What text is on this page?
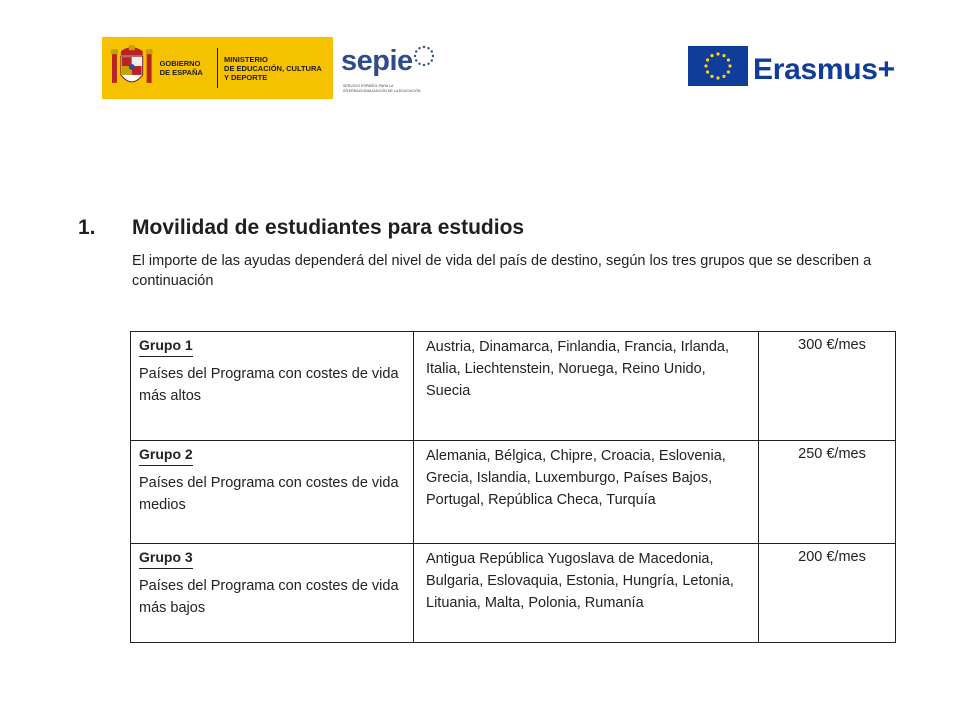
GOBIERNO
DE ESPAÑA
MINISTERIO
DE EDUCACIÓN, CULTURA
Y DEPORTE	sepie
SERVICIO ESPAÑOL PARA LA
INTERNACIONALIZACIÓN DE LA EDUCACIÓN
Erasmus+
1.	Movilidad de estudiantes para estudios
El importe de las ayudas dependerá del nivel de vida del país de destino, según los tres grupos que se describen a continuación
Grupo 1
Países del Programa con costes de vida más altos	Austria, Dinamarca, Finlandia, Francia, Irlanda, Italia, Liechtenstein, Noruega, Reino Unido, Suecia	300 €/mes
Grupo 2
Países del Programa con costes de vida medios	Alemania, Bélgica, Chipre, Croacia, Eslovenia, Grecia, Islandia, Luxemburgo, Países Bajos, Portugal, República Checa, Turquía	250 €/mes
Grupo 3
Países del Programa con costes de vida más bajos	Antigua República Yugoslava de Macedonia, Bulgaria, Eslovaquia, Estonia, Hungría, Letonia, Lituania, Malta, Polonia, Rumanía	200 €/mes
